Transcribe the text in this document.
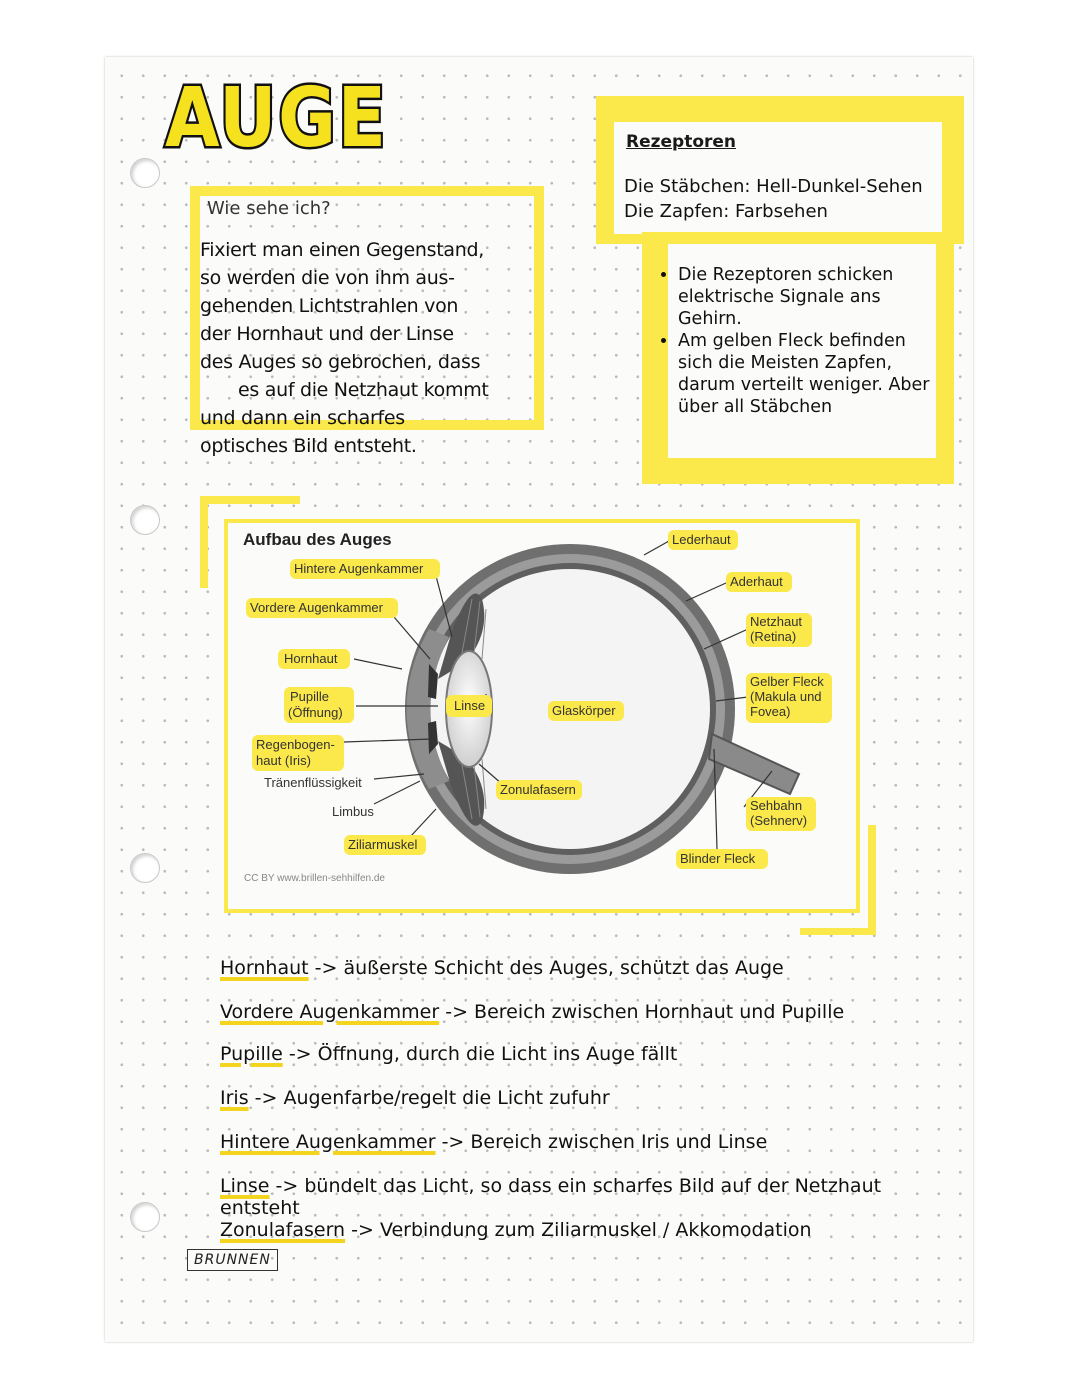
AUGE
Wie sehe ich?
Fixiert man einen Gegenstand,
so werden die von ihm aus-
gehenden Lichtstrahlen von
der Hornhaut und der Linse
des Auges so gebrochen, dass
es auf die Netzhaut kommt
und dann ein scharfes
optisches Bild entsteht.
Rezeptoren
Die Stäbchen: Hell-Dunkel-Sehen
Die Zapfen: Farbsehen
• Die Rezeptoren schicken elektrische Signale ans Gehirn.
• Am gelben Fleck befinden sich die Meisten Zapfen, darum verteilt weniger. Aber über all Stäbchen
Aufbau des Auges
Hintere Augenkammer
Vordere Augenkammer
Hornhaut
Pupille
(Öffnung)
Regenbogen-
haut (Iris)
Tränenflüssigkeit
Limbus
Ziliarmuskel
Linse	Glaskörper
Zonulafasern
Lederhaut
Aderhaut
Netzhaut
(Retina)
Gelber Fleck
(Makula und
Fovea)
Sehbahn
(Sehnerv)
Blinder Fleck
CC BY www.brillen-sehhilfen.de
Hornhaut -> äußerste Schicht des Auges, schützt das Auge
Vordere Augenkammer -> Bereich zwischen Hornhaut und Pupille
Pupille -> Öffnung, durch die Licht ins Auge fällt
Iris -> Augenfarbe/regelt die Licht zufuhr
Hintere Augenkammer -> Bereich zwischen Iris und Linse
Linse -> bündelt das Licht, so dass ein scharfes Bild auf der Netzhaut entsteht
Zonulafasern -> Verbindung zum Ziliarmuskel / Akkomodation
BRUNNEN
